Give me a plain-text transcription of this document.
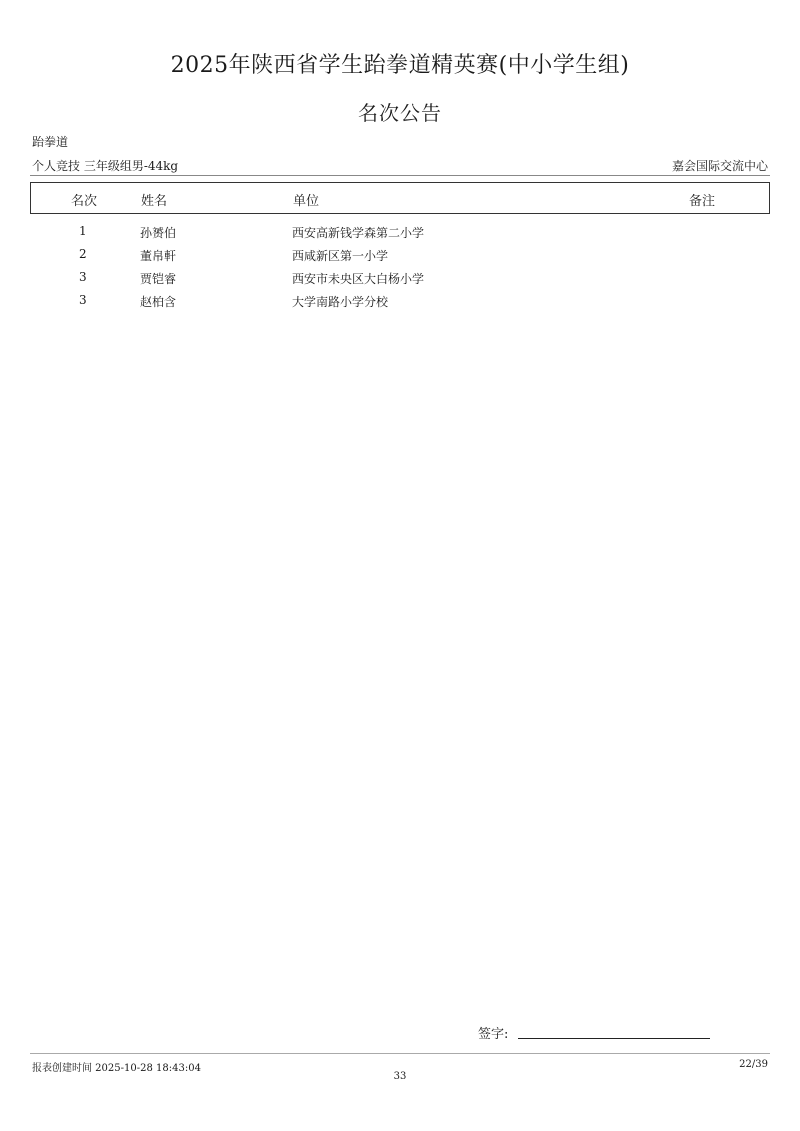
2025年陕西省学生跆拳道精英赛(中小学生组)
名次公告
跆拳道
个人竞技 三年级组男-44kg	嘉会国际交流中心
名次	姓名	单位	备注
1	孙赟伯	西安高新钱学森第二小学
2	董帛軒	西咸新区第一小学
3	贾铠睿	西安市未央区大白杨小学
3	赵柏含	大学南路小学分校
签字:
报表创建时间 2025-10-28 18:43:04	22/39
33
